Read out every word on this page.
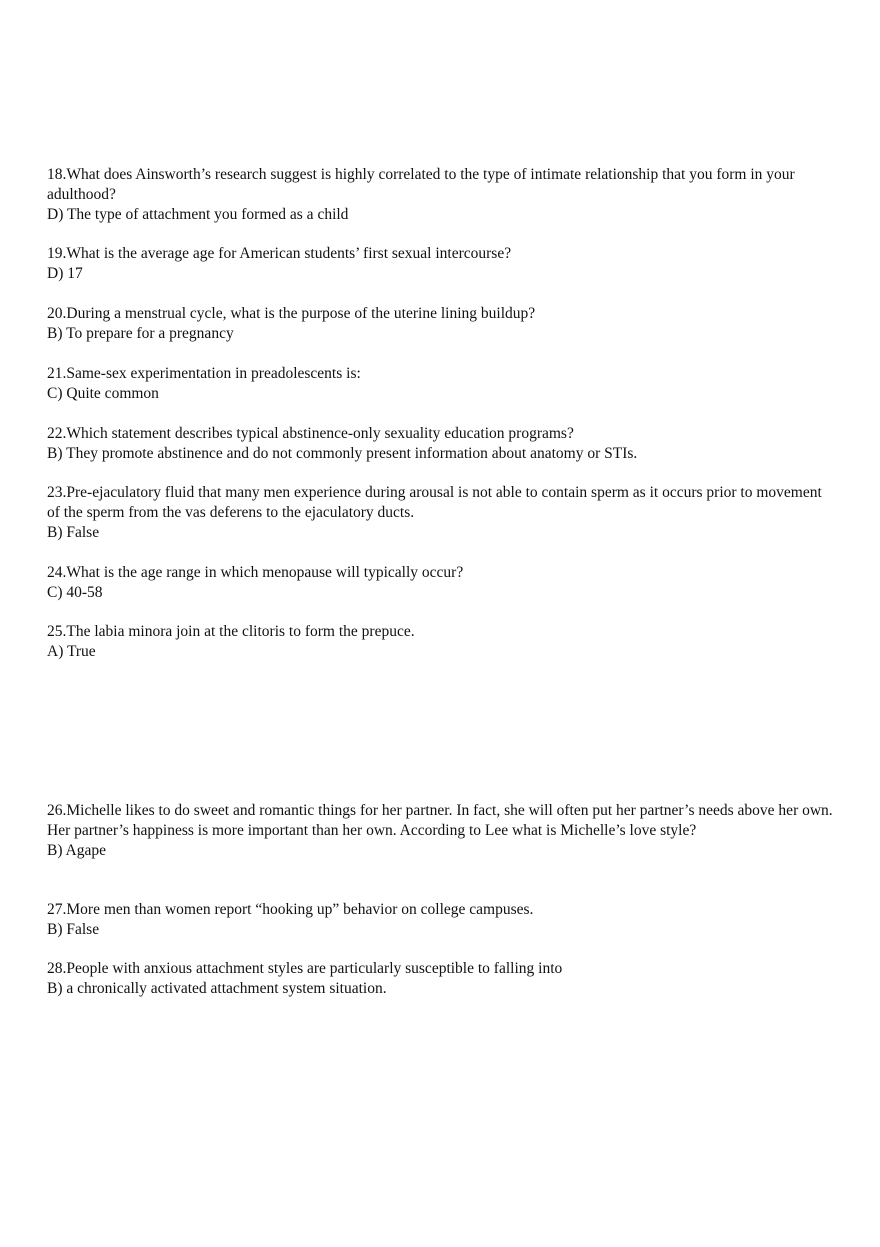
18.What does Ainsworth’s research suggest is highly correlated to the type of intimate relationship that you form in your adulthood?

D) The type of attachment you formed as a child

19.What is the average age for American students’ first sexual intercourse?

D) 17

20.During a menstrual cycle, what is the purpose of the uterine lining buildup?

B) To prepare for a pregnancy

21.Same-sex experimentation in preadolescents is:

C) Quite common

22.Which statement describes typical abstinence-only sexuality education programs?

B) They promote abstinence and do not commonly present information about anatomy or STIs.

23.Pre-ejaculatory fluid that many men experience during arousal is not able to contain sperm as it occurs prior to movement of the sperm from the vas deferens to the ejaculatory ducts.

B) False

24.What is the age range in which menopause will typically occur?

C) 40-58

25.The labia minora join at the clitoris to form the prepuce.

A) True

26.Michelle likes to do sweet and romantic things for her partner. In fact, she will often put her partner’s needs above her own. Her partner’s happiness is more important than her own. According to Lee what is Michelle’s love style?

B) Agape

27.More men than women report “hooking up” behavior on college campuses.

B) False

28.People with anxious attachment styles are particularly susceptible to falling into

B) a chronically activated attachment system situation.
